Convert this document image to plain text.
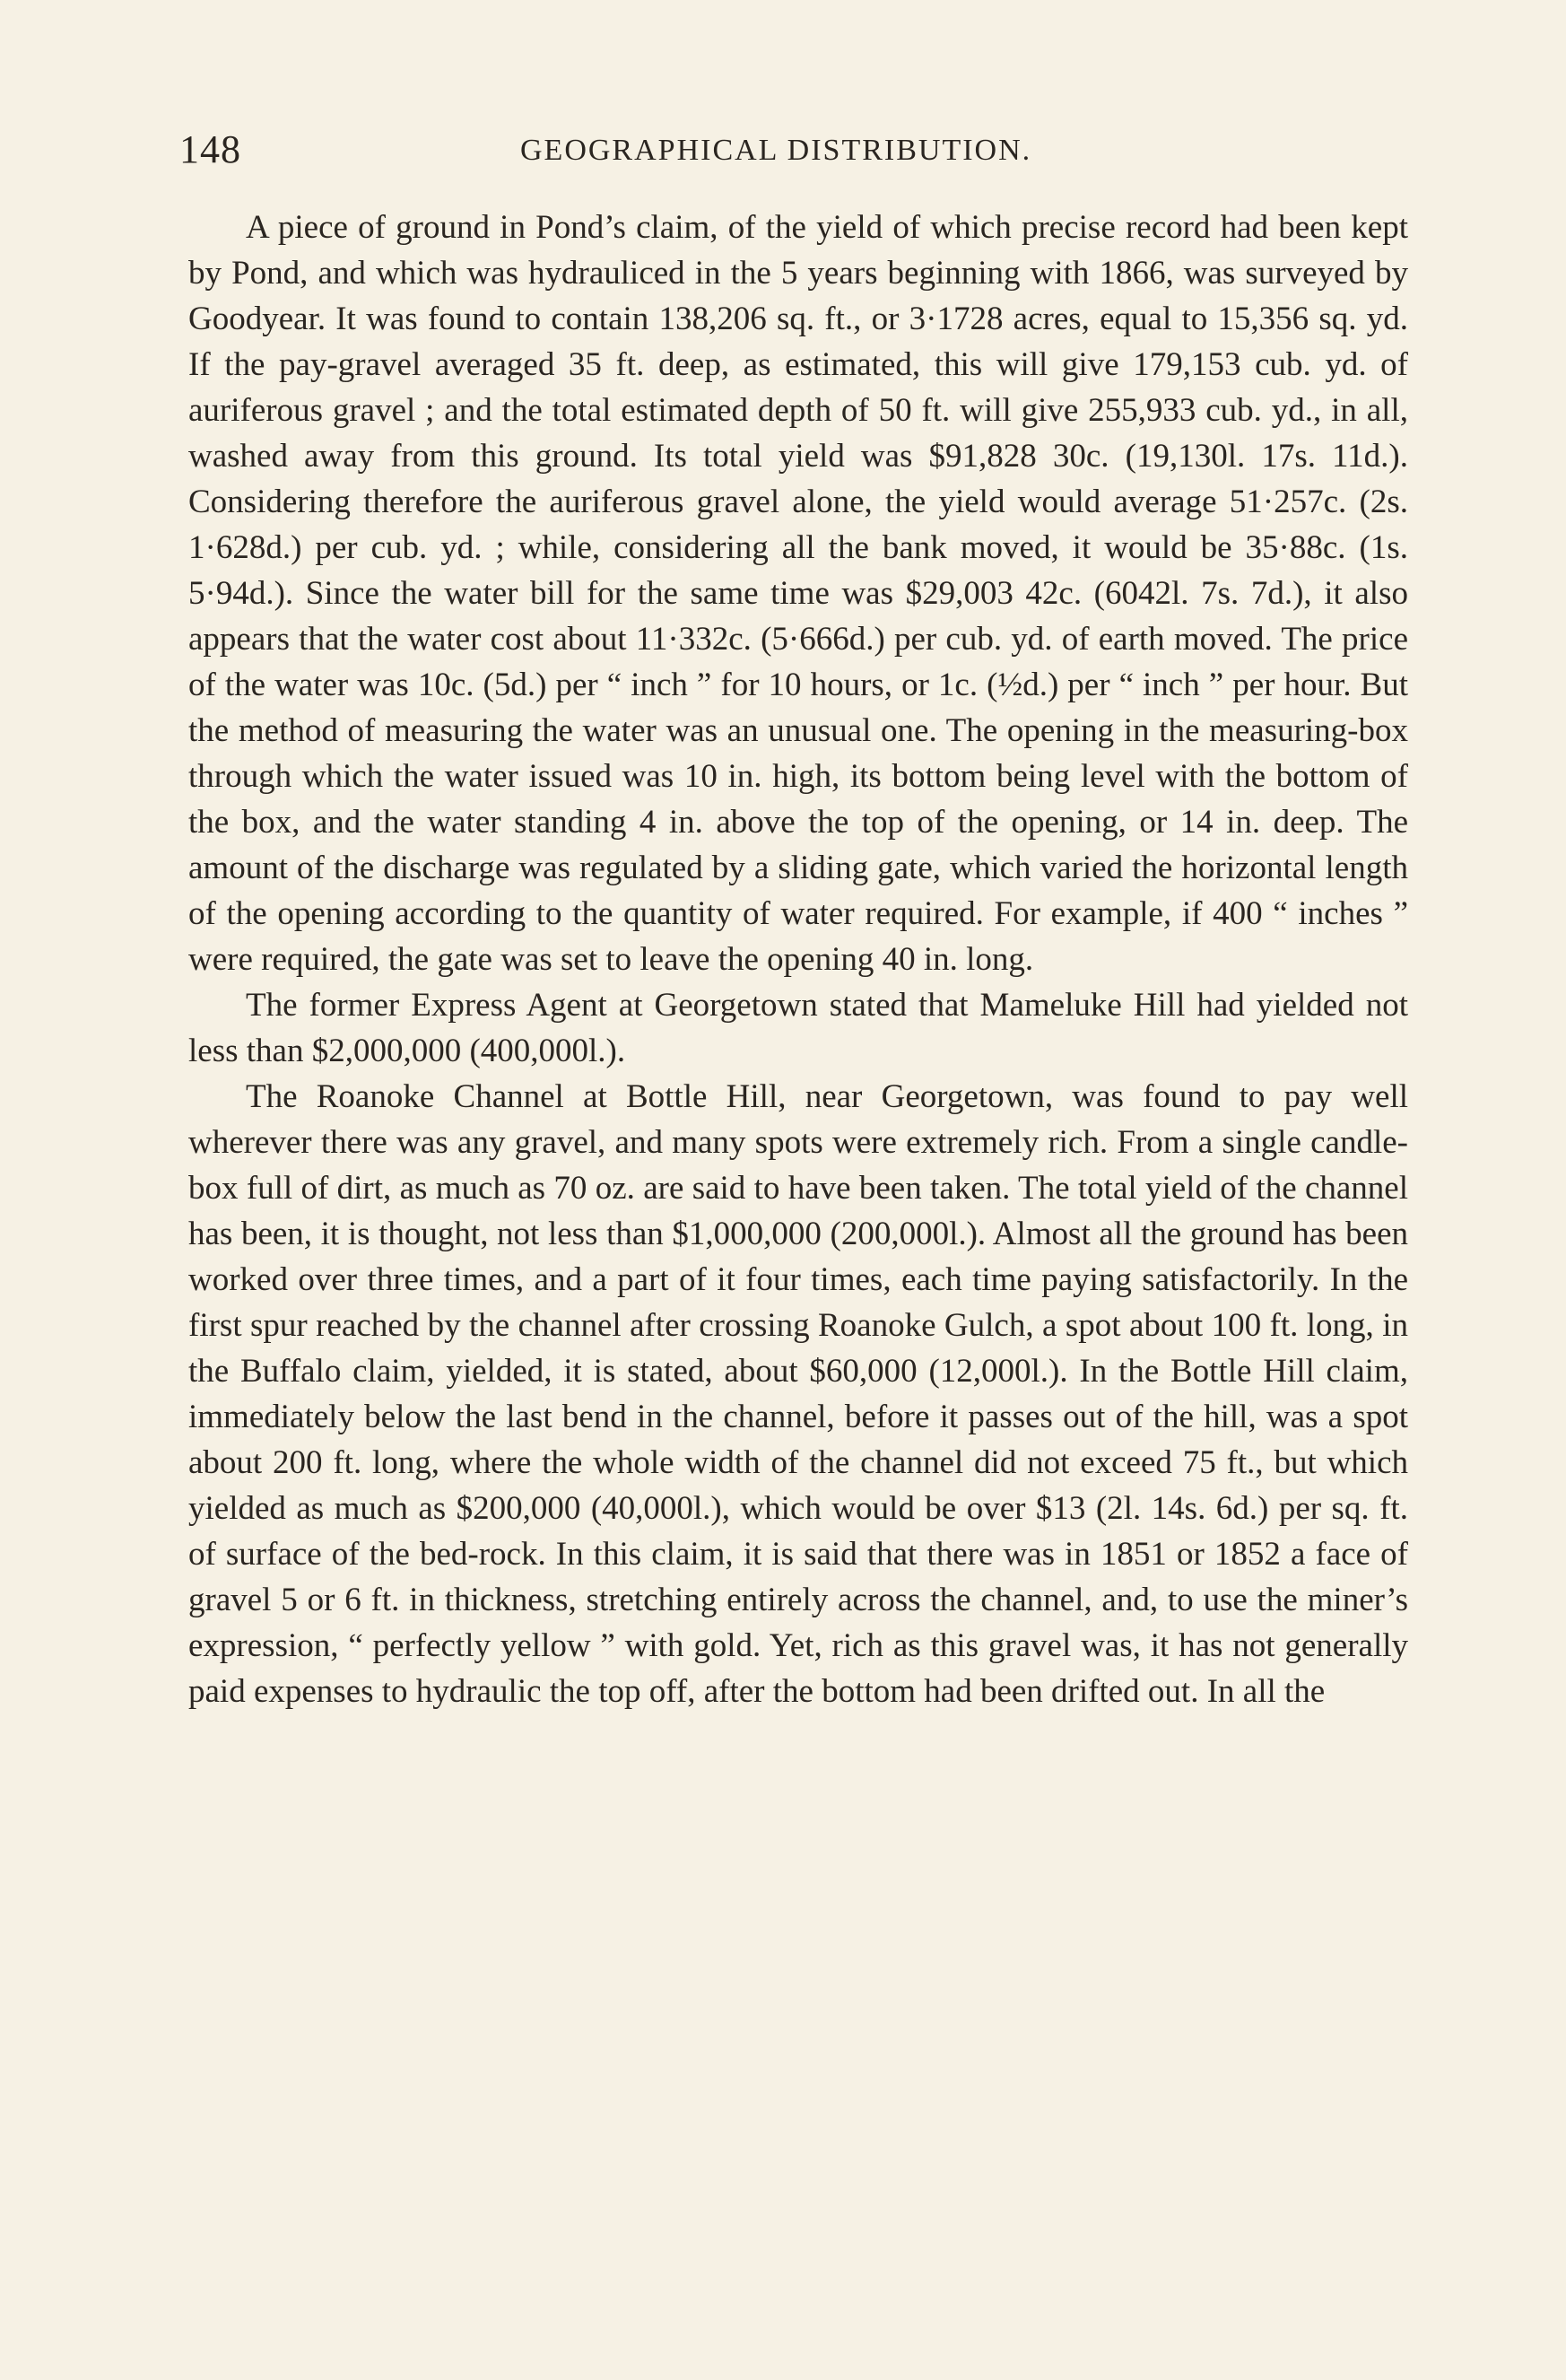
148	GEOGRAPHICAL DISTRIBUTION.

A piece of ground in Pond’s claim, of the yield of which precise record had been kept by Pond, and which was hydrauliced in the 5 years beginning with 1866, was surveyed by Goodyear. It was found to contain 138,206 sq. ft., or 3·1728 acres, equal to 15,356 sq. yd. If the pay-gravel averaged 35 ft. deep, as estimated, this will give 179,153 cub. yd. of auriferous gravel ; and the total estimated depth of 50 ft. will give 255,933 cub. yd., in all, washed away from this ground. Its total yield was $91,828 30c. (19,130l. 17s. 11d.). Considering therefore the auriferous gravel alone, the yield would average 51·257c. (2s. 1·628d.) per cub. yd. ; while, considering all the bank moved, it would be 35·88c. (1s. 5·94d.). Since the water bill for the same time was $29,003 42c. (6042l. 7s. 7d.), it also appears that the water cost about 11·332c. (5·666d.) per cub. yd. of earth moved. The price of the water was 10c. (5d.) per “ inch ” for 10 hours, or 1c. (½d.) per “ inch ” per hour. But the method of measuring the water was an unusual one. The opening in the measuring-box through which the water issued was 10 in. high, its bottom being level with the bottom of the box, and the water standing 4 in. above the top of the opening, or 14 in. deep. The amount of the discharge was regulated by a sliding gate, which varied the horizontal length of the opening according to the quantity of water required. For example, if 400 “ inches ” were required, the gate was set to leave the opening 40 in. long.

The former Express Agent at Georgetown stated that Mameluke Hill had yielded not less than $2,000,000 (400,000l.).

The Roanoke Channel at Bottle Hill, near Georgetown, was found to pay well wherever there was any gravel, and many spots were extremely rich. From a single candle-box full of dirt, as much as 70 oz. are said to have been taken. The total yield of the channel has been, it is thought, not less than $1,000,000 (200,000l.). Almost all the ground has been worked over three times, and a part of it four times, each time paying satisfactorily. In the first spur reached by the channel after crossing Roanoke Gulch, a spot about 100 ft. long, in the Buffalo claim, yielded, it is stated, about $60,000 (12,000l.). In the Bottle Hill claim, immediately below the last bend in the channel, before it passes out of the hill, was a spot about 200 ft. long, where the whole width of the channel did not exceed 75 ft., but which yielded as much as $200,000 (40,000l.), which would be over $13 (2l. 14s. 6d.) per sq. ft. of surface of the bed-rock. In this claim, it is said that there was in 1851 or 1852 a face of gravel 5 or 6 ft. in thickness, stretching entirely across the channel, and, to use the miner’s expression, “ perfectly yellow ” with gold. Yet, rich as this gravel was, it has not generally paid expenses to hydraulic the top off, after the bottom had been drifted out. In all the
